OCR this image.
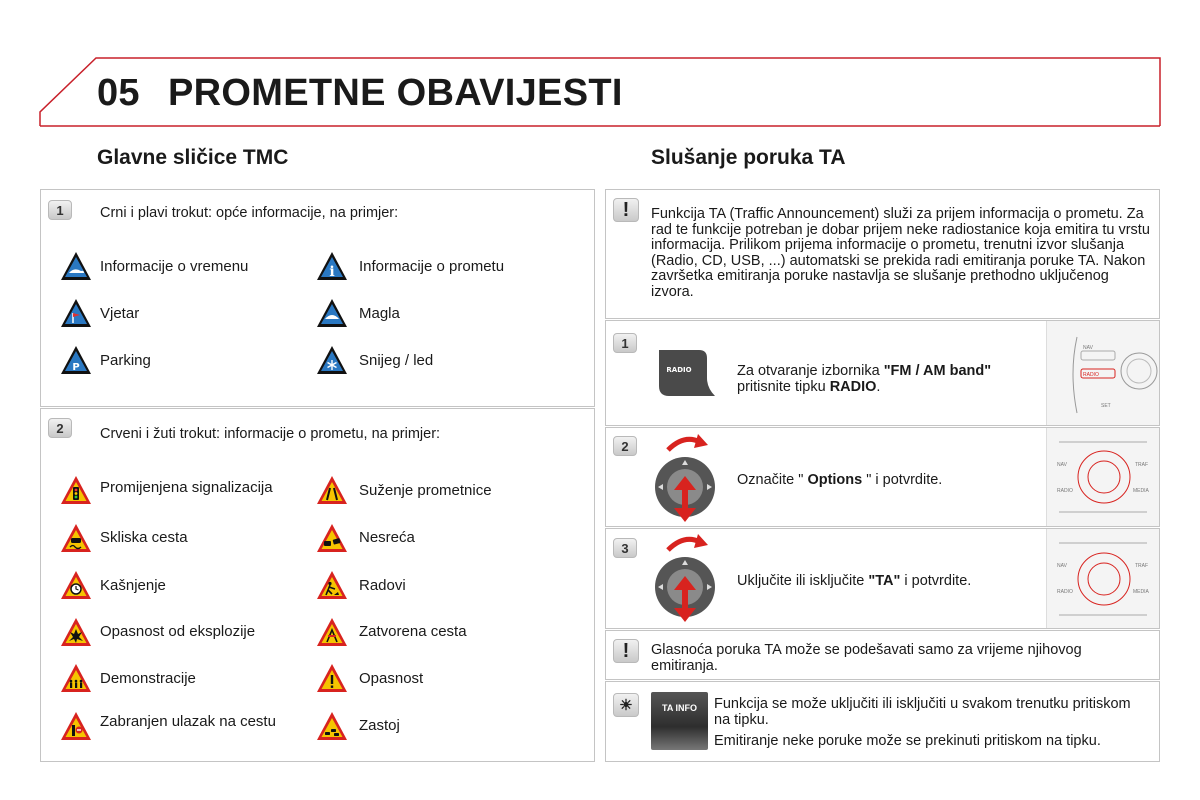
05 PROMETNE OBAVIJESTI
Glavne sličice TMC	Slušanje poruka TA
1	Crni i plavi trokut: opće informacije, na primjer:
Informacije o vremenu	i Informacije o prometu
Vjetar	Magla
P Parking	Snijeg / led
2	Crveni i žuti trokut: informacije o prometu, na primjer:
Promijenjena signalizacija	Suženje prometnice
Skliska cesta	Nesreća
Kašnjenje	Radovi
Opasnost od eksplozije	Zatvorena cesta
Demonstracije	Opasnost
Zabranjen ulazak na cestu	Zastoj
!	Funkcija TA (Traffic Announcement) služi za prijem informacija o prometu. Za rad te funkcije potreban je dobar prijem neke radiostanice koja emitira tu vrstu informacija. Prilikom prijema informacije o prometu, trenutni izvor slušanja (Radio, CD, USB, ...) automatski se prekida radi emitiranja poruke TA. Nakon završetka emitiranja poruke nastavlja se slušanje prethodno uključenog izvora.
1
RADIO	Za otvaranje izbornika "FM / AM band" pritisnite tipku RADIO.
NAV
RADIO
SET
2
Označite " Options " i potvrdite.
NAV
RADIO
TRAF
MEDIA
3
Uključite ili isključite "TA" i potvrdite.
NAV
RADIO
TRAF
MEDIA
!	Glasnoća poruka TA može se podešavati samo za vrijeme njihovog emitiranja.
☀	TA INFO	Funkcija se može uključiti ili isključiti u svakom trenutku pritiskom na tipku.
Emitiranje neke poruke može se prekinuti pritiskom na tipku.
